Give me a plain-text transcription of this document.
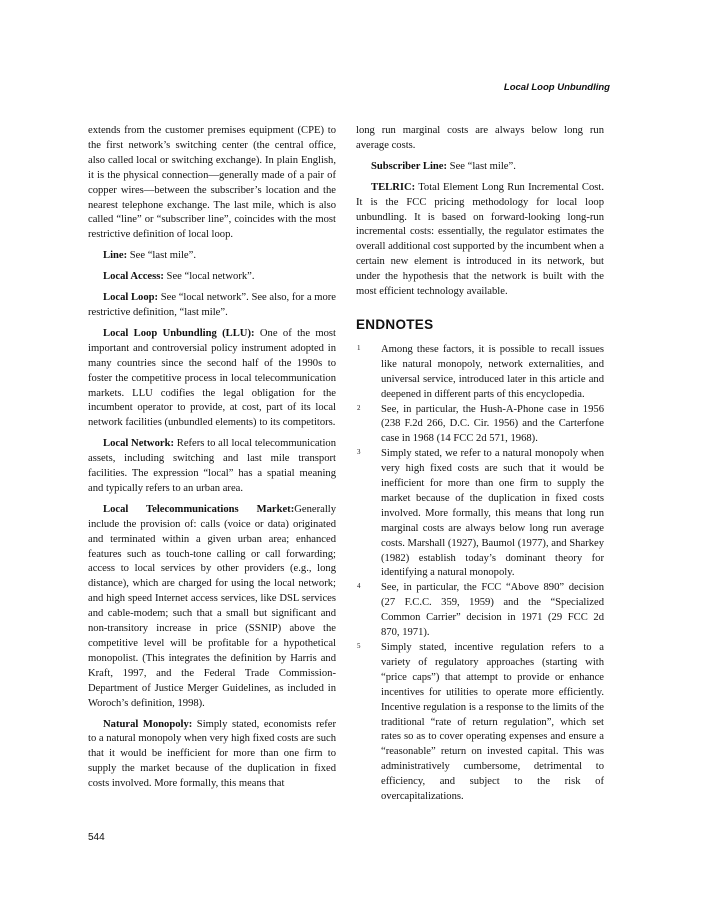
Local Loop Unbundling

extends from the customer premises equipment (CPE) to the first network’s switching center (the central office, also called local or switching exchange). In plain English, it is the physical connection—generally made of a pair of copper wires—between the subscriber’s location and the nearest telephone exchange. The last mile, which is also called “line” or “subscriber line”, coincides with the most restrictive definition of local loop.

Line: See “last mile”.

Local Access: See “local network”.

Local Loop: See “local network”. See also, for a more restrictive definition, “last mile”.

Local Loop Unbundling (LLU): One of the most important and controversial policy instrument adopted in many countries since the second half of the 1990s to foster the competitive process in local telecommunication markets. LLU codifies the legal obligation for the incumbent operator to provide, at cost, part of its local network facilities (unbundled elements) to its competitors.

Local Network: Refers to all local telecommunication assets, including switching and last mile transport facilities. The expression “local” has a spatial meaning and typically refers to an urban area.

Local Telecommunications Market:Generally include the provision of: calls (voice or data) originated and terminated within a given urban area; enhanced features such as touch-tone calling or call forwarding; access to local services by other providers (e.g., long distance), which are charged for using the local network; and high speed Internet access services, like DSL services and cable-modem; such that a small but significant and non-transitory increase in price (SSNIP) above the competitive level will be profitable for a hypothetical monopolist. (This integrates the definition by Harris and Kraft, 1997, and the Federal Trade Commission-Department of Justice Merger Guidelines, as included in Woroch’s definition, 1998).

Natural Monopoly: Simply stated, economists refer to a natural monopoly when very high fixed costs are such that it would be inefficient for more than one firm to supply the market because of the duplication in fixed costs involved. More formally, this means that

long run marginal costs are always below long run average costs.

Subscriber Line: See “last mile”.

TELRIC: Total Element Long Run Incremental Cost. It is the FCC pricing methodology for local loop unbundling. It is based on forward-looking long-run incremental costs: essentially, the regulator estimates the overall additional cost supported by the incumbent when a certain new element is introduced in its network, but under the hypothesis that the network is built with the most efficient technology available.

ENDNOTES

1 Among these factors, it is possible to recall issues like natural monopoly, network externalities, and universal service, introduced later in this article and deepened in different parts of this encyclopedia.

2 See, in particular, the Hush-A-Phone case in 1956 (238 F.2d 266, D.C. Cir. 1956) and the Carterfone case in 1968 (14 FCC 2d 571, 1968).

3 Simply stated, we refer to a natural monopoly when very high fixed costs are such that it would be inefficient for more than one firm to supply the market because of the duplication in fixed costs involved. More formally, this means that long run marginal costs are always below long run average costs. Marshall (1927), Baumol (1977), and Sharkey (1982) establish today’s dominant theory for identifying a natural monopoly.

4 See, in particular, the FCC “Above 890” decision (27 F.C.C. 359, 1959) and the “Specialized Common Carrier” decision in 1971 (29 FCC 2d 870, 1971).

5 Simply stated, incentive regulation refers to a variety of regulatory approaches (starting with “price caps”) that attempt to provide or enhance incentives for utilities to operate more efficiently. Incentive regulation is a response to the limits of the traditional “rate of return regulation”, which set rates so as to cover operating expenses and ensure a “reasonable” return on invested capital. This was administratively cumbersome, detrimental to efficiency, and subject to the risk of overcapitalizations.

544
